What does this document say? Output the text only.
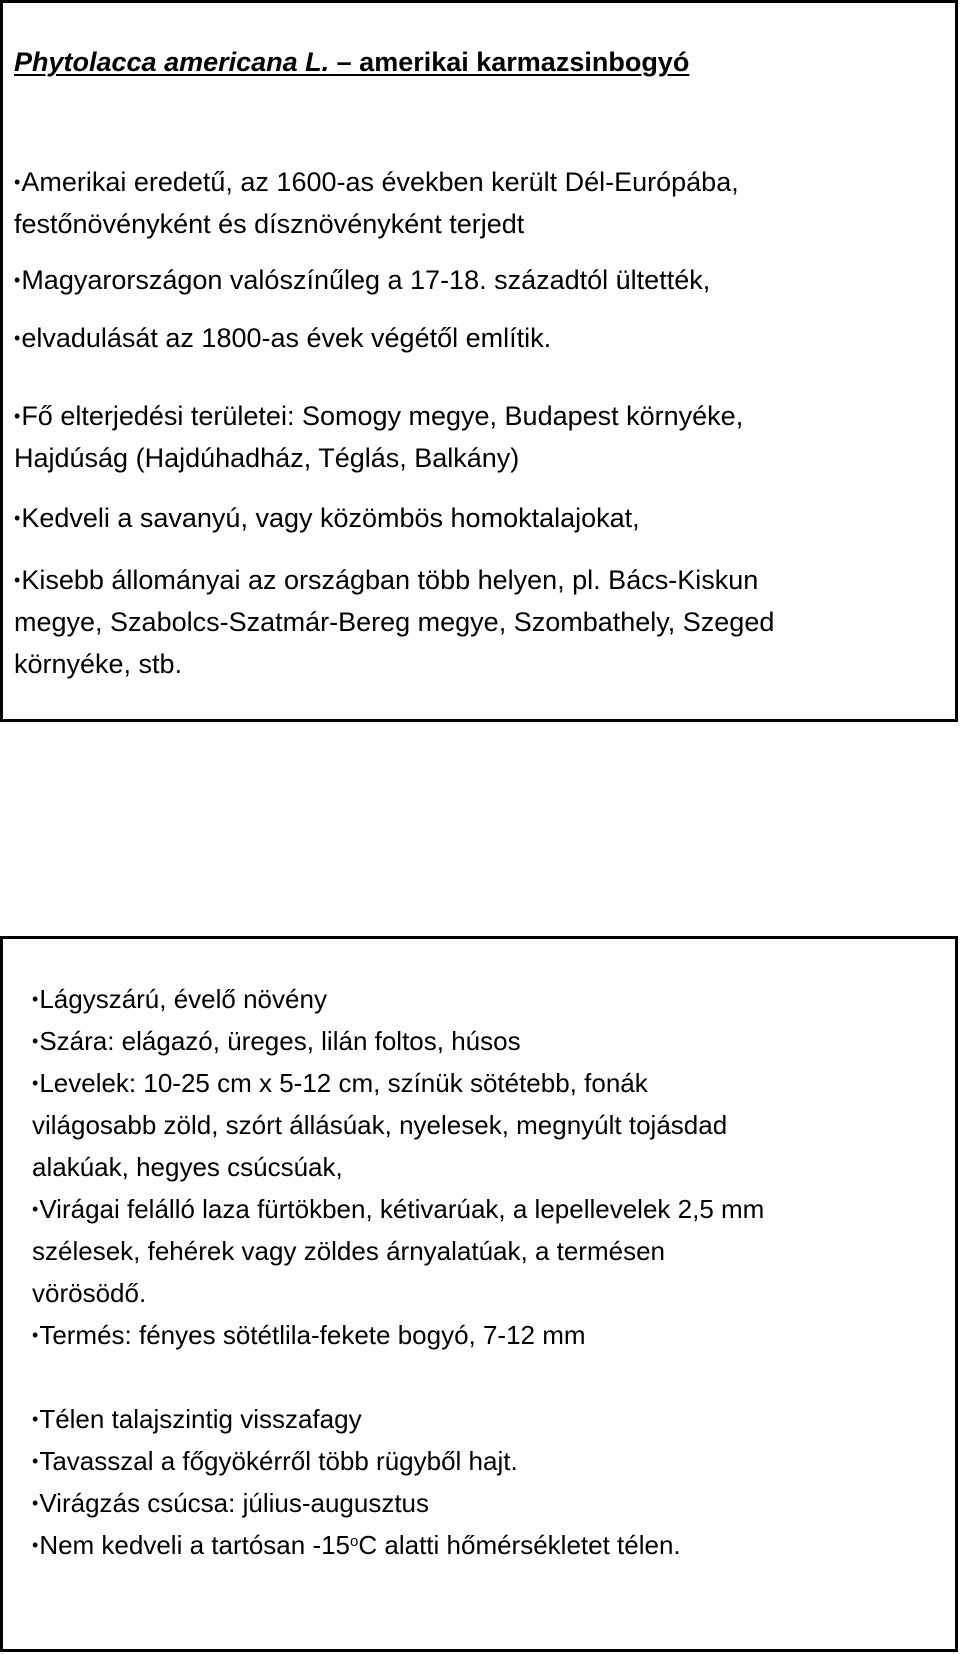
Phytolacca americana L. – amerikai karmazsinbogyó

•Amerikai eredetű, az 1600-as években került Dél-Európába,
festőnövényként és dísznövényként terjedt

•Magyarországon valószínűleg a 17-18. századtól ültették,

•elvadulását az 1800-as évek végétől említik.

•Fő elterjedési területei: Somogy megye, Budapest környéke,
Hajdúság (Hajdúhadház, Téglás, Balkány)

•Kedveli a savanyú, vagy közömbös homoktalajokat,

•Kisebb állományai az országban több helyen, pl. Bács-Kiskun
megye, Szabolcs-Szatmár-Bereg megye, Szombathely, Szeged
környéke, stb.

•Lágyszárú, évelő növény

•Szára: elágazó, üreges, lilán foltos, húsos

•Levelek: 10-25 cm x 5-12 cm, színük sötétebb, fonák
világosabb zöld, szórt állásúak, nyelesek, megnyúlt tojásdad
alakúak, hegyes csúcsúak,

•Virágai felálló laza fürtökben, kétivarúak, a lepellevelek 2,5 mm
szélesek, fehérek vagy zöldes árnyalatúak, a termésen
vörösödő.

•Termés: fényes sötétlila-fekete bogyó, 7-12 mm

•Télen talajszintig visszafagy

•Tavasszal a főgyökérről több rügyből hajt.

•Virágzás csúcsa: július-augusztus

•Nem kedveli a tartósan -15$^o$C alatti hőmérsékletet télen.
